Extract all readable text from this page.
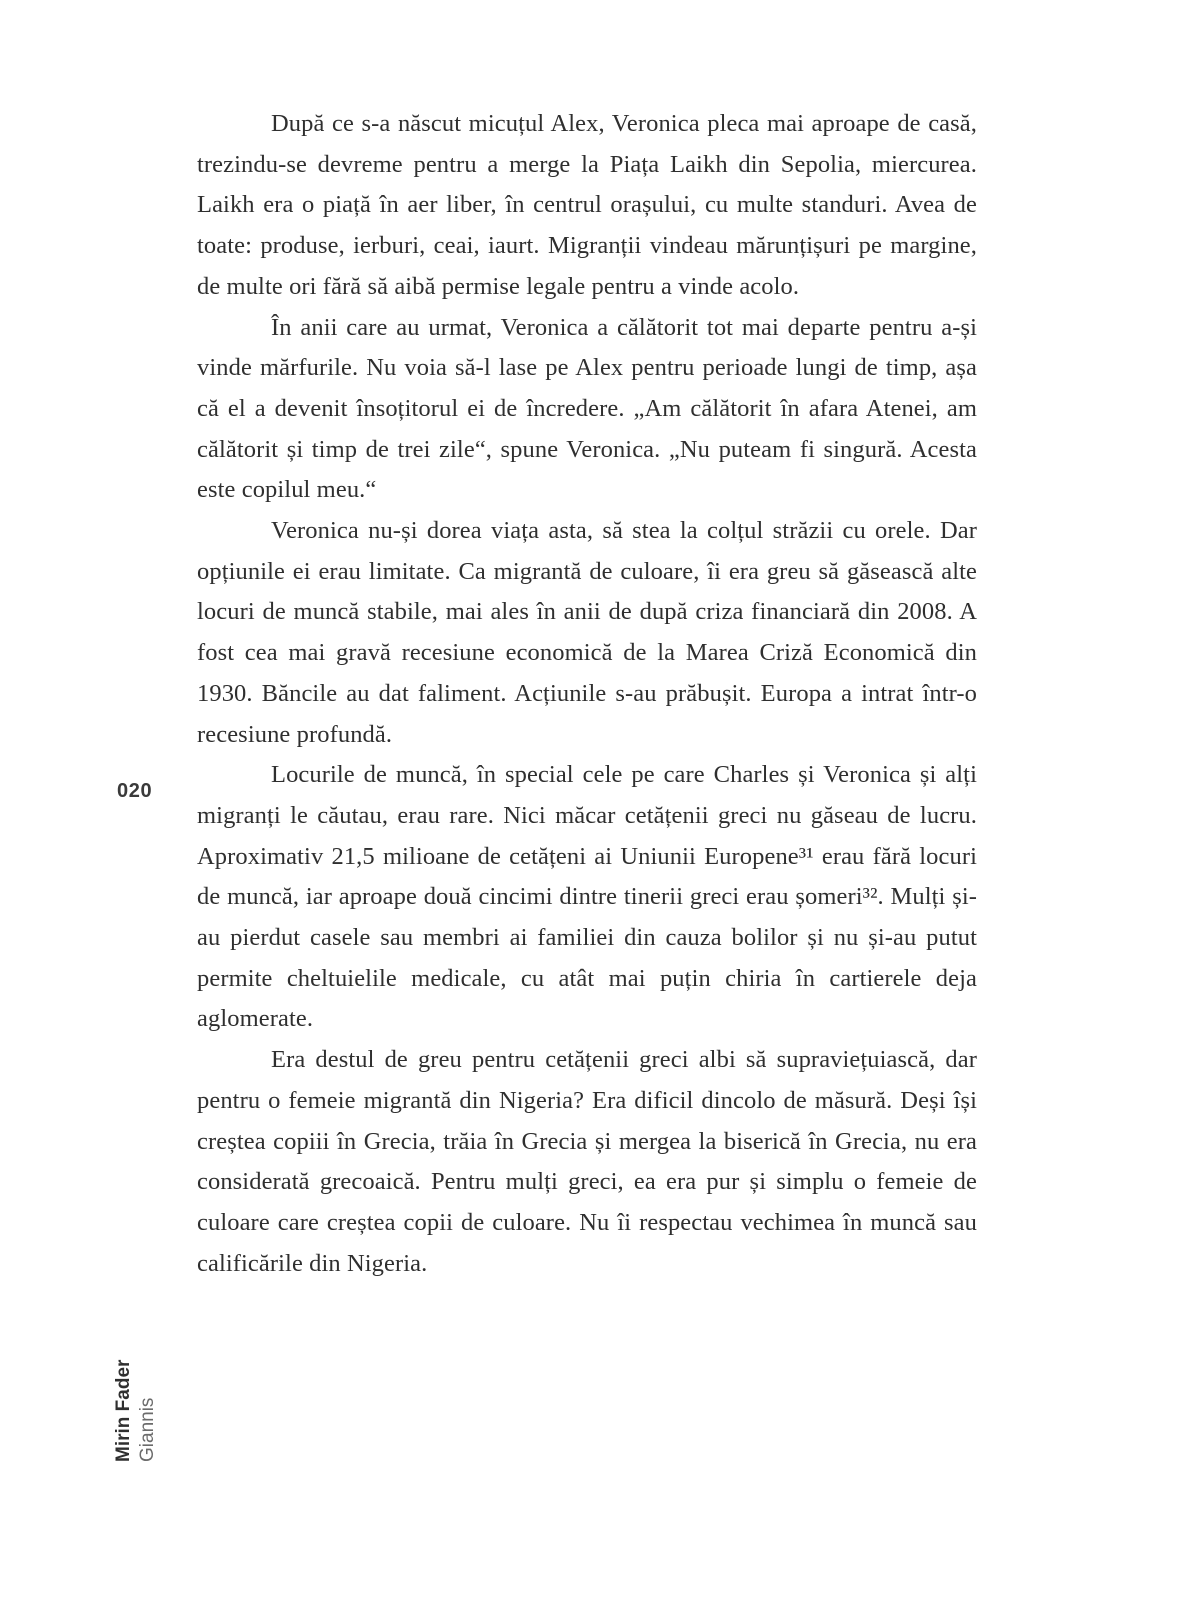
020

După ce s-a născut micuțul Alex, Veronica pleca mai aproape de casă, trezindu-se devreme pentru a merge la Piața Laikh din Sepolia, miercurea. Laikh era o piață în aer liber, în centrul orașului, cu multe standuri. Avea de toate: produse, ierburi, ceai, iaurt. Migranții vindeau mărunțișuri pe margine, de multe ori fără să aibă permise legale pentru a vinde acolo.

În anii care au urmat, Veronica a călătorit tot mai departe pentru a-și vinde mărfurile. Nu voia să-l lase pe Alex pentru perioade lungi de timp, așa că el a devenit însoțitorul ei de încredere. „Am călătorit în afara Atenei, am călătorit și timp de trei zile“, spune Veronica. „Nu puteam fi singură. Acesta este copilul meu.“

Veronica nu-și dorea viața asta, să stea la colțul străzii cu orele. Dar opțiunile ei erau limitate. Ca migrantă de culoare, îi era greu să găsească alte locuri de muncă stabile, mai ales în anii de după criza financiară din 2008. A fost cea mai gravă recesiune economică de la Marea Criză Economică din 1930. Băncile au dat faliment. Acțiunile s-au prăbușit. Europa a intrat într-o recesiune profundă.

Locurile de muncă, în special cele pe care Charles și Veronica și alți migranți le căutau, erau rare. Nici măcar cetățenii greci nu găseau de lucru. Aproximativ 21,5 milioane de cetățeni ai Uniunii Europene³¹ erau fără locuri de muncă, iar aproape două cincimi dintre tinerii greci erau șomeri³². Mulți și-au pierdut casele sau membri ai familiei din cauza bolilor și nu și-au putut permite cheltuielile medicale, cu atât mai puțin chiria în cartierele deja aglomerate.

Era destul de greu pentru cetățenii greci albi să supraviețuiască, dar pentru o femeie migrantă din Nigeria? Era dificil dincolo de măsură. Deși își creștea copiii în Grecia, trăia în Grecia și mergea la biserică în Grecia, nu era considerată grecoaică. Pentru mulți greci, ea era pur și simplu o femeie de culoare care creștea copii de culoare. Nu îi respectau vechimea în muncă sau calificările din Nigeria.

Mirin Fader Giannis
